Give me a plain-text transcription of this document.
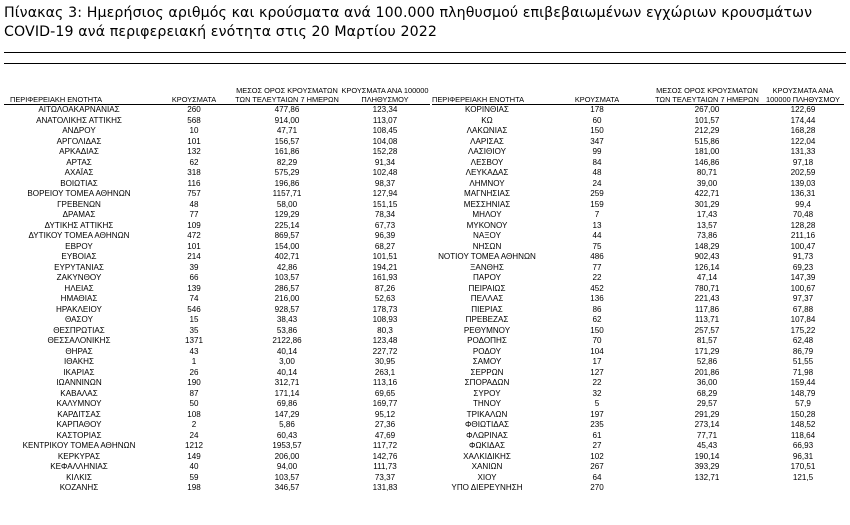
Πίνακας 3: Ημερήσιος αριθμός και κρούσματα ανά 100.000 πληθυσμού επιβεβαιωμένων εγχώριων κρουσμάτων
COVID-19 ανά περιφερειακή ενότητα στις 20 Μαρτίου 2022
ΠΕΡΙΦΕΡΕΙΑΚΗ ΕΝΟΤΗΤΑ	ΚΡΟΥΣΜΑΤΑ	ΜΕΣΟΣ ΟΡΟΣ ΚΡΟΥΣΜΑΤΩΝ ΤΩΝ ΤΕΛΕΥΤΑΙΩΝ 7 ΗΜΕΡΩΝ	ΚΡΟΥΣΜΑΤΑ ΑΝΑ 100000 ΠΛΗΘΥΣΜΟΥ
ΑΙΤΩΛΟΑΚΑΡΝΑΝΙΑΣ	260	477,86	123,34
ΑΝΑΤΟΛΙΚΗΣ ΑΤΤΙΚΗΣ	568	914,00	113,07
ΑΝΔΡΟΥ	10	47,71	108,45
ΑΡΓΟΛΙΔΑΣ	101	156,57	104,08
ΑΡΚΑΔΙΑΣ	132	161,86	152,28
ΑΡΤΑΣ	62	82,29	91,34
ΑΧΑΪΑΣ	318	575,29	102,48
ΒΟΙΩΤΙΑΣ	116	196,86	98,37
ΒΟΡΕΙΟΥ ΤΟΜΕΑ ΑΘΗΝΩΝ	757	1157,71	127,94
ΓΡΕΒΕΝΩΝ	48	58,00	151,15
ΔΡΑΜΑΣ	77	129,29	78,34
ΔΥΤΙΚΗΣ ΑΤΤΙΚΗΣ	109	225,14	67,73
ΔΥΤΙΚΟΥ ΤΟΜΕΑ ΑΘΗΝΩΝ	472	869,57	96,39
ΕΒΡΟΥ	101	154,00	68,27
ΕΥΒΟΙΑΣ	214	402,71	101,51
ΕΥΡΥΤΑΝΙΑΣ	39	42,86	194,21
ΖΑΚΥΝΘΟΥ	66	103,57	161,93
ΗΛΕΙΑΣ	139	286,57	87,26
ΗΜΑΘΙΑΣ	74	216,00	52,63
ΗΡΑΚΛΕΙΟΥ	546	928,57	178,73
ΘΑΣΟΥ	15	38,43	108,93
ΘΕΣΠΡΩΤΙΑΣ	35	53,86	80,3
ΘΕΣΣΑΛΟΝΙΚΗΣ	1371	2122,86	123,48
ΘΗΡΑΣ	43	40,14	227,72
ΙΘΑΚΗΣ	1	3,00	30,95
ΙΚΑΡΙΑΣ	26	40,14	263,1
ΙΩΑΝΝΙΝΩΝ	190	312,71	113,16
ΚΑΒΑΛΑΣ	87	171,14	69,65
ΚΑΛΥΜΝΟΥ	50	69,86	169,77
ΚΑΡΔΙΤΣΑΣ	108	147,29	95,12
ΚΑΡΠΑΘΟΥ	2	5,86	27,36
ΚΑΣΤΟΡΙΑΣ	24	60,43	47,69
ΚΕΝΤΡΙΚΟΥ ΤΟΜΕΑ ΑΘΗΝΩΝ	1212	1953,57	117,72
ΚΕΡΚΥΡΑΣ	149	206,00	142,76
ΚΕΦΑΛΛΗΝΙΑΣ	40	94,00	111,73
ΚΙΛΚΙΣ	59	103,57	73,37
ΚΟΖΑΝΗΣ	198	346,57	131,83
ΠΕΡΙΦΕΡΕΙΑΚΗ ΕΝΟΤΗΤΑ	ΚΡΟΥΣΜΑΤΑ	ΜΕΣΟΣ ΟΡΟΣ ΚΡΟΥΣΜΑΤΩΝ ΤΩΝ ΤΕΛΕΥΤΑΙΩΝ 7 ΗΜΕΡΩΝ	ΚΡΟΥΣΜΑΤΑ ΑΝΑ 100000 ΠΛΗΘΥΣΜΟΥ
ΚΟΡΙΝΘΙΑΣ	178	267,00	122,69
ΚΩ	60	101,57	174,44
ΛΑΚΩΝΙΑΣ	150	212,29	168,28
ΛΑΡΙΣΑΣ	347	515,86	122,04
ΛΑΣΙΘΙΟΥ	99	181,00	131,33
ΛΕΣΒΟΥ	84	146,86	97,18
ΛΕΥΚΑΔΑΣ	48	80,71	202,59
ΛΗΜΝΟΥ	24	39,00	139,03
ΜΑΓΝΗΣΙΑΣ	259	422,71	136,31
ΜΕΣΣΗΝΙΑΣ	159	301,29	99,4
ΜΗΛΟΥ	7	17,43	70,48
ΜΥΚΟΝΟΥ	13	13,57	128,28
ΝΑΞΟΥ	44	73,86	211,16
ΝΗΣΩΝ	75	148,29	100,47
ΝΟΤΙΟΥ ΤΟΜΕΑ ΑΘΗΝΩΝ	486	902,43	91,73
ΞΑΝΘΗΣ	77	126,14	69,23
ΠΑΡΟΥ	22	47,14	147,39
ΠΕΙΡΑΙΩΣ	452	780,71	100,67
ΠΕΛΛΑΣ	136	221,43	97,37
ΠΙΕΡΙΑΣ	86	117,86	67,88
ΠΡΕΒΕΖΑΣ	62	113,71	107,84
ΡΕΘΥΜΝΟΥ	150	257,57	175,22
ΡΟΔΟΠΗΣ	70	81,57	62,48
ΡΟΔΟΥ	104	171,29	86,79
ΣΑΜΟΥ	17	52,86	51,55
ΣΕΡΡΩΝ	127	201,86	71,98
ΣΠΟΡΑΔΩΝ	22	36,00	159,44
ΣΥΡΟΥ	32	68,29	148,79
ΤΗΝΟΥ	5	29,57	57,9
ΤΡΙΚΑΛΩΝ	197	291,29	150,28
ΦΘΙΩΤΙΔΑΣ	235	273,14	148,52
ΦΛΩΡΙΝΑΣ	61	77,71	118,64
ΦΩΚΙΔΑΣ	27	45,43	66,93
ΧΑΛΚΙΔΙΚΗΣ	102	190,14	96,31
ΧΑΝΙΩΝ	267	393,29	170,51
ΧΙΟΥ	64	132,71	121,5
ΥΠΟ ΔΙΕΡΕΥΝΗΣΗ	270		
